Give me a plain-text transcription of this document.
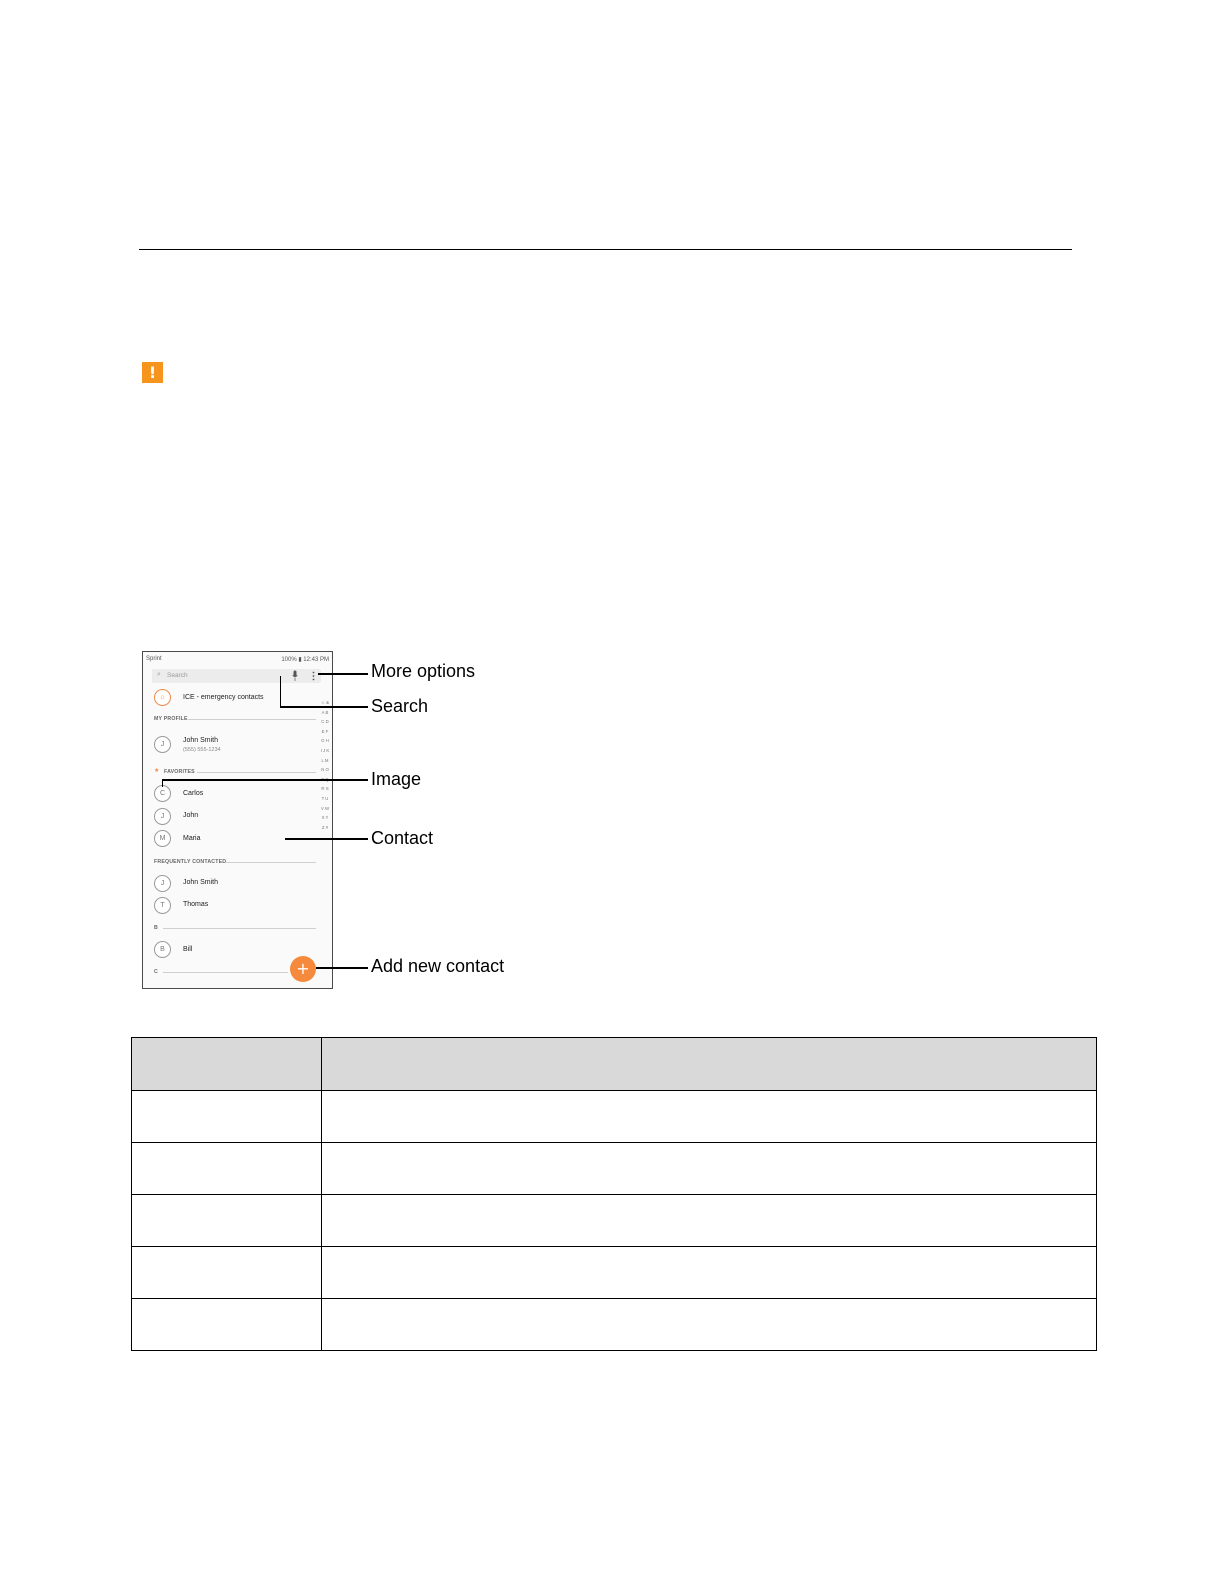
!
Sprint	100% ▮ 12:43 PM
⌕ Search
⌂	ICE - emergency contacts
MY PROFILE
J
John Smith
(555) 555-1234
★ FAVORITES
C	Carlos
J	John
M	Maria
FREQUENTLY CONTACTED
J	John Smith
T	Thomas
B
B	Bill
C
☆ & A B C D E F G H I J K L M N O P Q R S T U V W X Y Z #
+
More options
Search
Image
Contact
Add new contact
